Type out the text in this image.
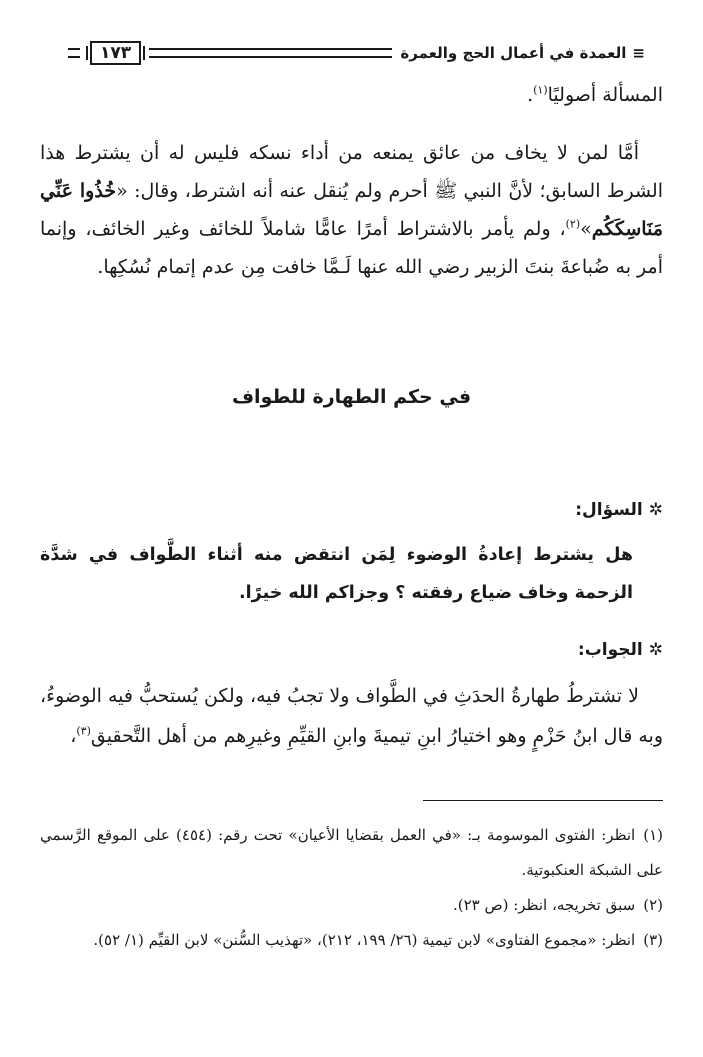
≡
العمدة في أعمال الحج والعمرة
١٧٣

المسألة أصوليًا$^{(١)}$.

أمَّا لمن لا يخاف من عائق يمنعه من أداء نسكه فليس له أن يشترط هذا الشرط السابق؛ لأنَّ النبي ﷺ أحرم ولم يُنقل عنه أنه اشترط، وقال: «خُذُوا عَنِّي مَنَاسِكَكُم»$^{(٢)}$، ولم يأمر بالاشتراط أمرًا عامًّا شاملاً للخائف وغير الخائف، وإنما أمر به ضُباعةَ بنتَ الزبير رضي الله عنها لَـمَّا خافت مِن عدم إتمام نُسُكِها.

في حكم الطهارة للطواف
✲السؤال:

هل يشترط إعادةُ الوضوء لِمَن انتقض منه أثناء الطَّواف في شدَّة الزحمة وخاف ضياع رفقته ؟ وجزاكم الله خيرًا.

✲الجواب:

لا تشترطُ طهارةُ الحدَثِ في الطَّواف ولا تجبُ فيه، ولكن يُستحبُّ فيه الوضوءُ، وبه قال ابنُ حَزْمٍ وهو اختيارُ ابنِ تيميةَ وابنِ القيِّمِ وغيرِهم من أهل التَّحقيق$^{(٣)}$،

(١)انظر: الفتوى الموسومة بـ: «في العمل بقضايا الأعيان» تحت رقم: (٤٥٤) على الموقع الرَّسمي على الشبكة العنكبوتية.
(٢)سبق تخريجه، انظر: (ص ٢٣).
(٣)انظر: «مجموع الفتاوى» لابن تيمية (٢٦/ ١٩٩، ٢١٢)، «تهذيب السُّنن» لابن القيِّم (١/ ٥٢).
